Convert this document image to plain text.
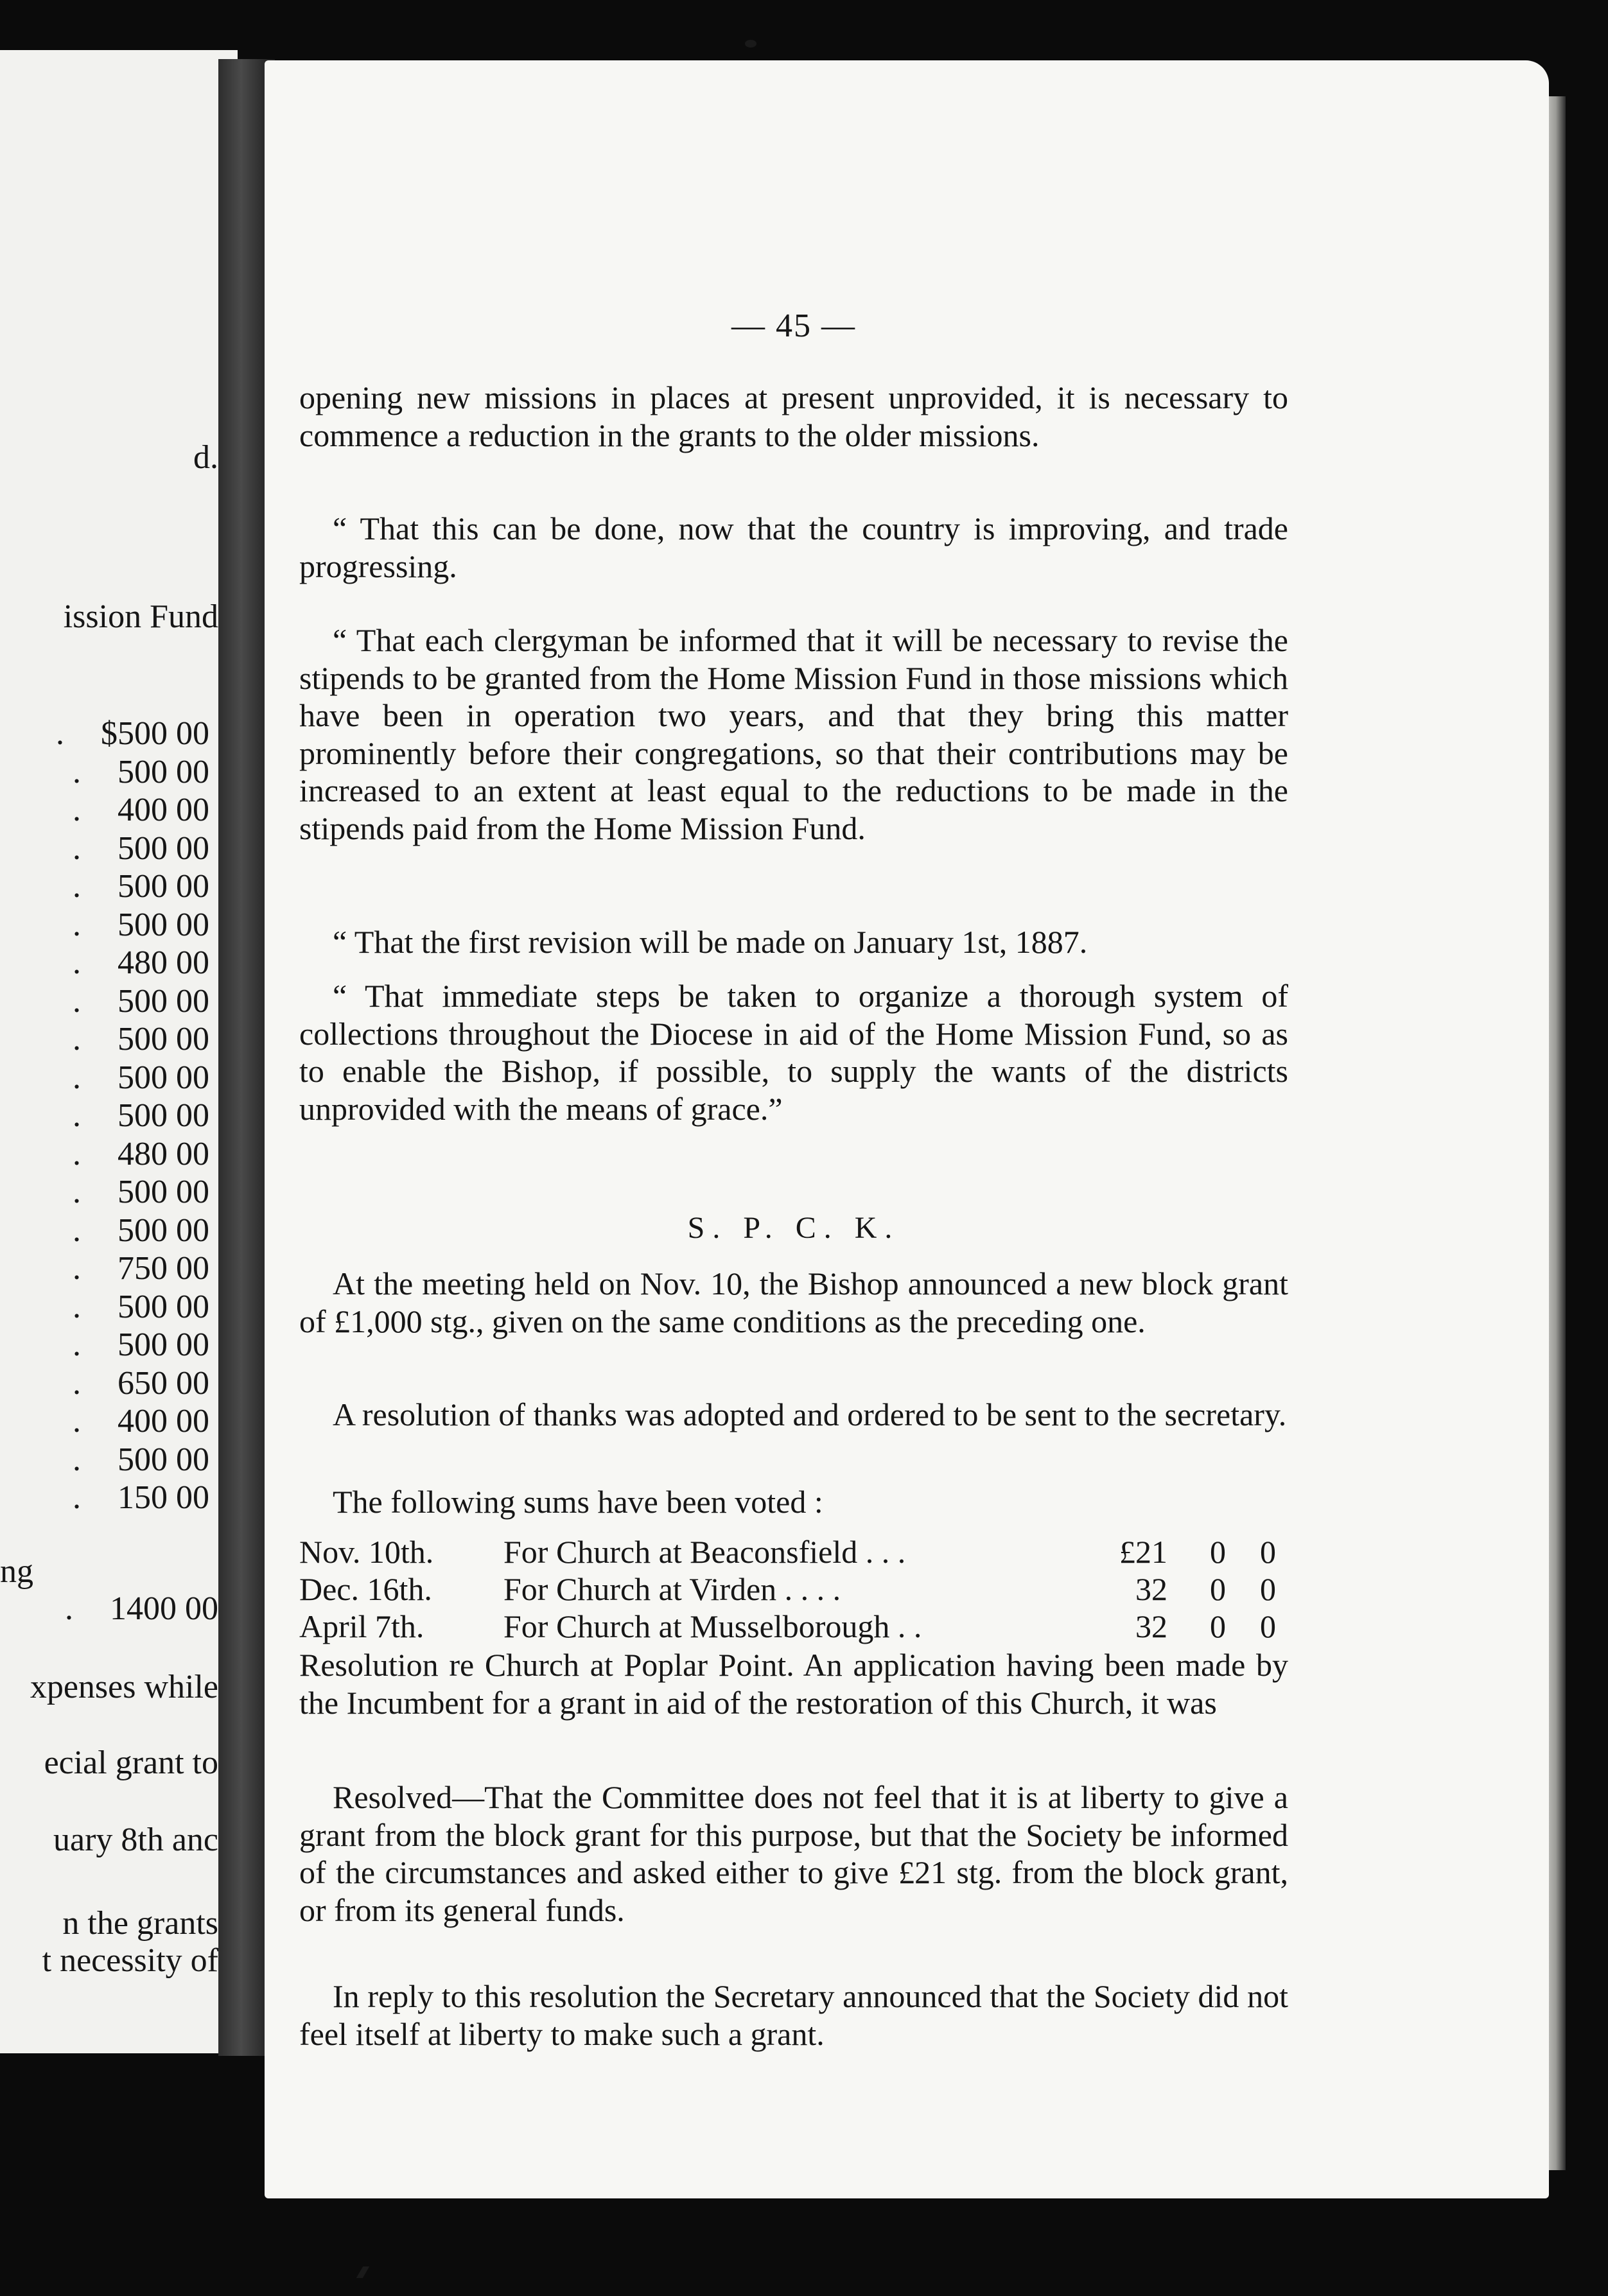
d.
ission Fund
. $500 00
. 500 00
. 400 00
. 500 00
. 500 00
. 500 00
. 480 00
. 500 00
. 500 00
. 500 00
. 500 00
. 480 00
. 500 00
. 500 00
. 750 00
. 500 00
. 500 00
. 650 00
. 400 00
. 500 00
. 150 00
ng
. 1400 00
xpenses while
ecial grant to
uary 8th anc
n the grants
t necessity of
— 45 —

opening new missions in places at present unprovided, it is necessary to commence a reduction in the grants to the older missions.

“ That this can be done, now that the country is improving, and trade progressing.

“ That each clergyman be informed that it will be necessary to revise the stipends to be granted from the Home Mission Fund in those missions which have been in operation two years, and that they bring this matter prominently before their congregations, so that their contributions may be increased to an extent at least equal to the reductions to be made in the stipends paid from the Home Mission Fund.

“ That the first revision will be made on January 1st, 1887.

“ That immediate steps be taken to organize a thorough system of collections throughout the Diocese in aid of the Home Mission Fund, so as to enable the Bishop, if possible, to supply the wants of the districts unprovided with the means of grace.”

S. P. C. K.

At the meeting held on Nov. 10, the Bishop announced a new block grant of £1,000 stg., given on the same conditions as the preceding one.

A resolution of thanks was adopted and ordered to be sent to the secretary.

The following sums have been voted :

Resolution re Church at Poplar Point. An application having been made by the Incumbent for a grant in aid of the restoration of this Church, it was

Resolved—That the Committee does not feel that it is at liberty to give a grant from the block grant for this purpose, but that the Society be informed of the circumstances and asked either to give £21 stg. from the block grant, or from its general funds.

In reply to this resolution the Secretary announced that the Society did not feel itself at liberty to make such a grant.

Nov. 10th. For Church at Beaconsfield . . .	£21 0 0
Dec. 16th. For Church at Virden . . . .	32 0 0
April 7th. For Church at Musselborough . .	32 0 0
